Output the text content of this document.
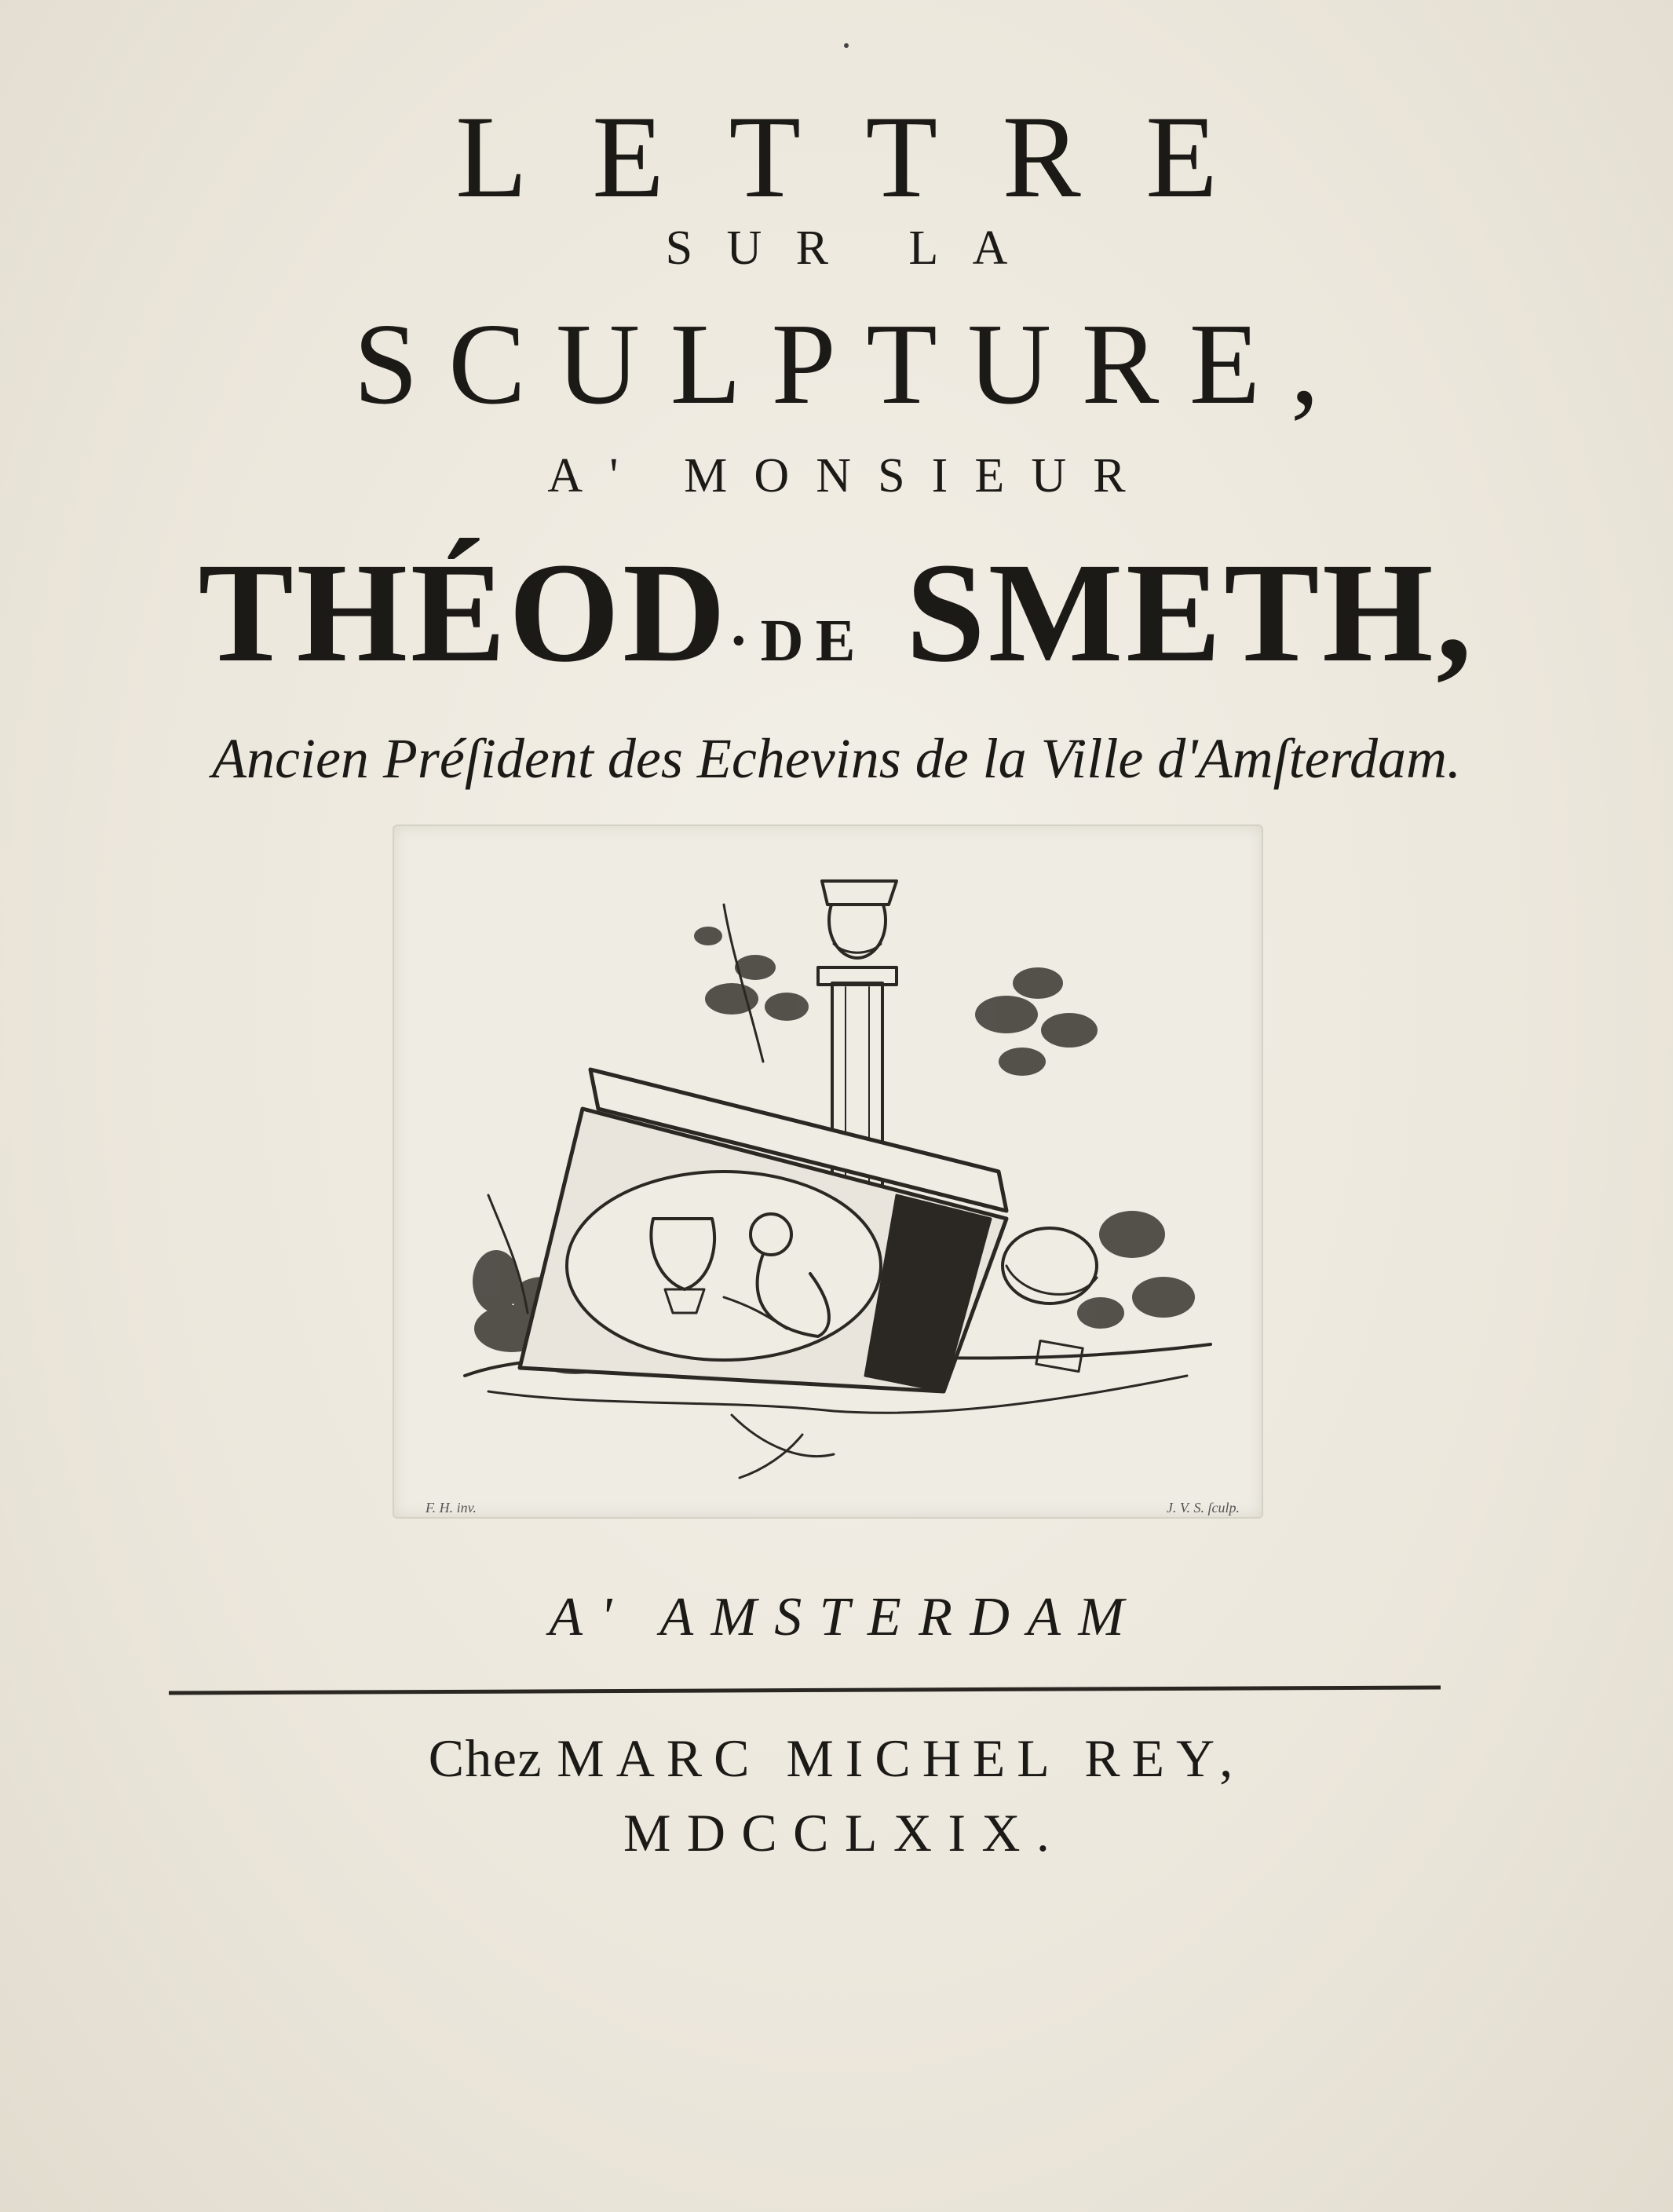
LETTRE
SUR LA
SCULPTURE,
A' MONSIEUR
THÉOD·DE SMETH,
Ancien Préſident des Echevins de la Ville d'Amſterdam.
F. H. inv.	J. V. S. ſculp.
A' AMSTERDAM
Chez MARC MICHEL REY,
MDCCLXIX.
